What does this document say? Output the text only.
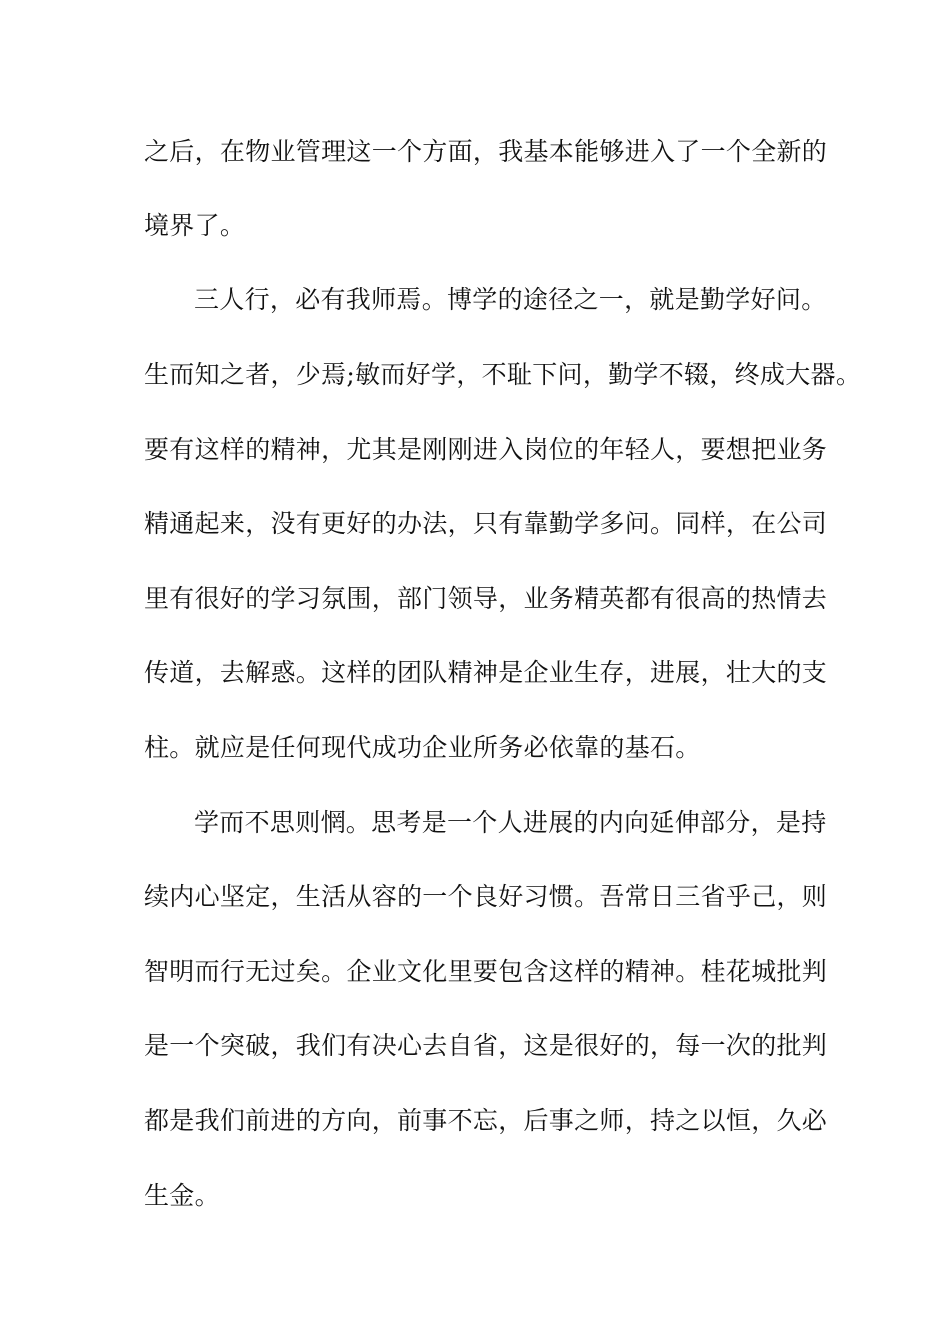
之后，在物业管理这一个方面，我基本能够进入了一个全新的
境界了。
三人行，必有我师焉。博学的途径之一，就是勤学好问。
生而知之者，少焉;敏而好学，不耻下问，勤学不辍，终成大器。
要有这样的精神，尤其是刚刚进入岗位的年轻人，要想把业务
精通起来，没有更好的办法，只有靠勤学多问。同样，在公司
里有很好的学习氛围，部门领导，业务精英都有很高的热情去
传道，去解惑。这样的团队精神是企业生存，进展，壮大的支
柱。就应是任何现代成功企业所务必依靠的基石。
学而不思则惘。思考是一个人进展的内向延伸部分，是持
续内心坚定，生活从容的一个良好习惯。吾常日三省乎己，则
智明而行无过矣。企业文化里要包含这样的精神。桂花城批判
是一个突破，我们有决心去自省，这是很好的，每一次的批判
都是我们前进的方向，前事不忘，后事之师，持之以恒，久必
生金。
